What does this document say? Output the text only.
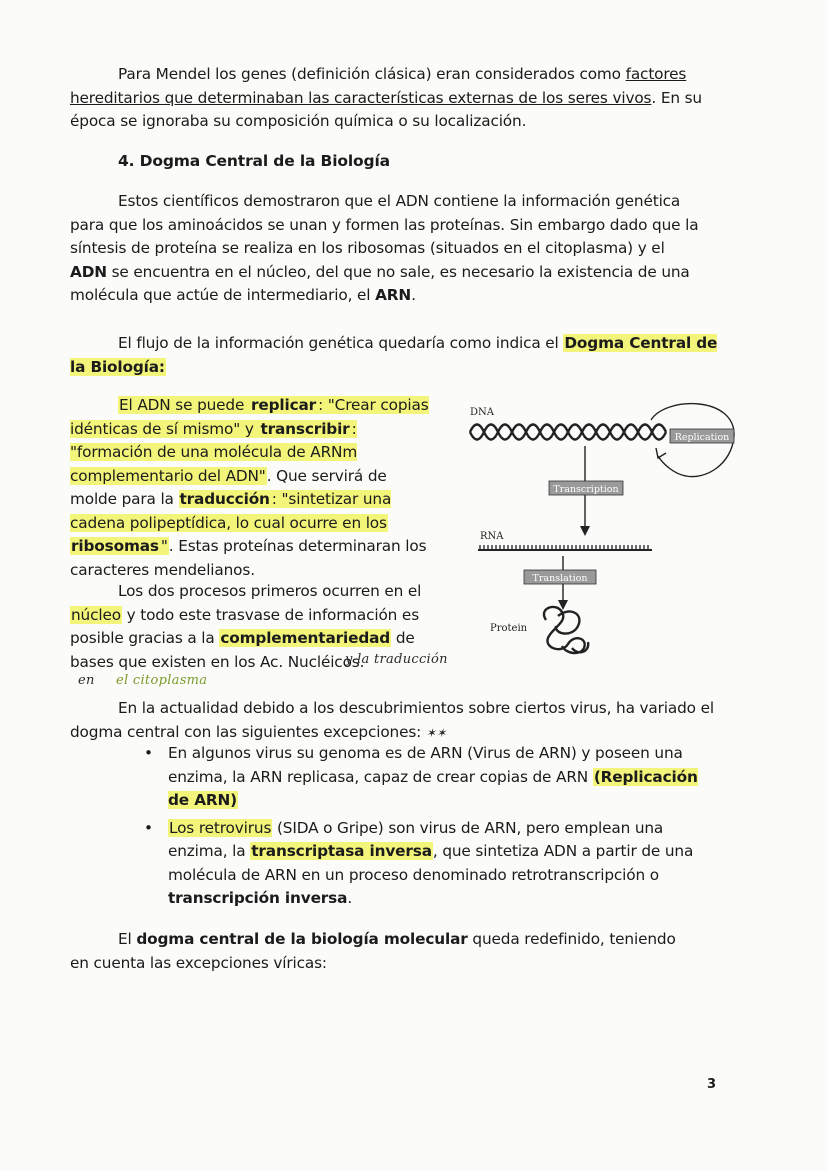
Para Mendel los genes (definición clásica) eran considerados como factores hereditarios que determinaban las características externas de los seres vivos. En su época se ignoraba su composición química o su localización.

4. Dogma Central de la Biología

Estos científicos demostraron que el ADN contiene la información genética para que los aminoácidos se unan y formen las proteínas. Sin embargo dado que la síntesis de proteína se realiza en los ribosomas (situados en el citoplasma) y el ADN se encuentra en el núcleo, del que no sale, es necesario la existencia de una molécula que actúe de intermediario, el ARN.

El flujo de la información genética quedaría como indica el Dogma Central de la Biología:

El ADN se puede replicar : "Crear copias idénticas de sí mismo" y transcribir : "formación de una molécula de ARNm complementario del ADN". Que servirá de molde para la traducción : "sintetizar una cadena polipeptídica, lo cual ocurre en los ribosomas ". Estas proteínas determinaran los caracteres mendelianos.

Los dos procesos primeros ocurren en el núcleo y todo este trasvase de información es posible gracias a la complementariedad de bases que existen en los Ac. Nucléicos.

y la traducción
en el citoplasma
DNA
Replication
Transcription
RNA
Translation
Protein

En la actualidad debido a los descubrimientos sobre ciertos virus, ha variado el dogma central con las siguientes excepciones: ✶✶

• En algunos virus su genoma es de ARN (Virus de ARN) y poseen una enzima, la ARN replicasa, capaz de crear copias de ARN (Replicación de ARN)
• Los retrovirus (SIDA o Gripe) son virus de ARN, pero emplean una enzima, la transcriptasa inversa, que sintetiza ADN a partir de una molécula de ARN en un proceso denominado retrotranscripción o transcripción inversa.

El dogma central de la biología molecular queda redefinido, teniendo en cuenta las excepciones víricas:

3
